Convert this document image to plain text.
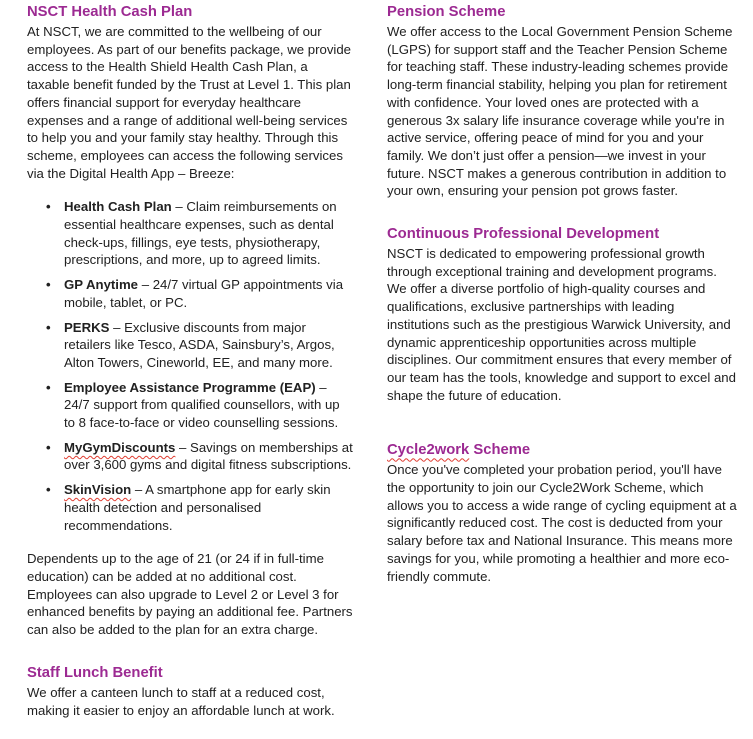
NSCT Health Cash Plan

At NSCT, we are committed to the wellbeing of our employees. As part of our benefits package, we provide access to the Health Shield Health Cash Plan, a taxable benefit funded by the Trust at Level 1. This plan offers financial support for everyday healthcare expenses and a range of additional well-being services to help you and your family stay healthy. Through this scheme, employees can access the following services via the Digital Health App – Breeze:

• Health Cash Plan – Claim reimbursements on essential healthcare expenses, such as dental check-ups, fillings, eye tests, physiotherapy, prescriptions, and more, up to agreed limits.
• GP Anytime – 24/7 virtual GP appointments via mobile, tablet, or PC.
• PERKS – Exclusive discounts from major retailers like Tesco, ASDA, Sainsbury’s, Argos, Alton Towers, Cineworld, EE, and many more.
• Employee Assistance Programme (EAP) – 24/7 support from qualified counsellors, with up to 8 face-to-face or video counselling sessions.
• MyGymDiscounts – Savings on memberships at over 3,600 gyms and digital fitness subscriptions.
• SkinVision – A smartphone app for early skin health detection and personalised recommendations.

Dependents up to the age of 21 (or 24 if in full-time education) can be added at no additional cost. Employees can also upgrade to Level 2 or Level 3 for enhanced benefits by paying an additional fee. Partners can also be added to the plan for an extra charge.

Staff Lunch Benefit

We offer a canteen lunch to staff at a reduced cost, making it easier to enjoy an affordable lunch at work.

Pension Scheme

We offer access to the Local Government Pension Scheme (LGPS) for support staff and the Teacher Pension Scheme for teaching staff. These industry-leading schemes provide long-term financial stability, helping you plan for retirement with confidence. Your loved ones are protected with a generous 3x salary life insurance coverage while you're in active service, offering peace of mind for you and your family. We don’t just offer a pension—we invest in your future. NSCT makes a generous contribution in addition to your own, ensuring your pension pot grows faster.

Continuous Professional Development

NSCT is dedicated to empowering professional growth through exceptional training and development programs. We offer a diverse portfolio of high-quality courses and qualifications, exclusive partnerships with leading institutions such as the prestigious Warwick University, and dynamic apprenticeship opportunities across multiple disciplines. Our commitment ensures that every member of our team has the tools, knowledge and support to excel and shape the future of education.

Cycle2work Scheme

Once you've completed your probation period, you'll have the opportunity to join our Cycle2Work Scheme, which allows you to access a wide range of cycling equipment at a significantly reduced cost. The cost is deducted from your salary before tax and National Insurance. This means more savings for you, while promoting a healthier and more eco-friendly commute.
